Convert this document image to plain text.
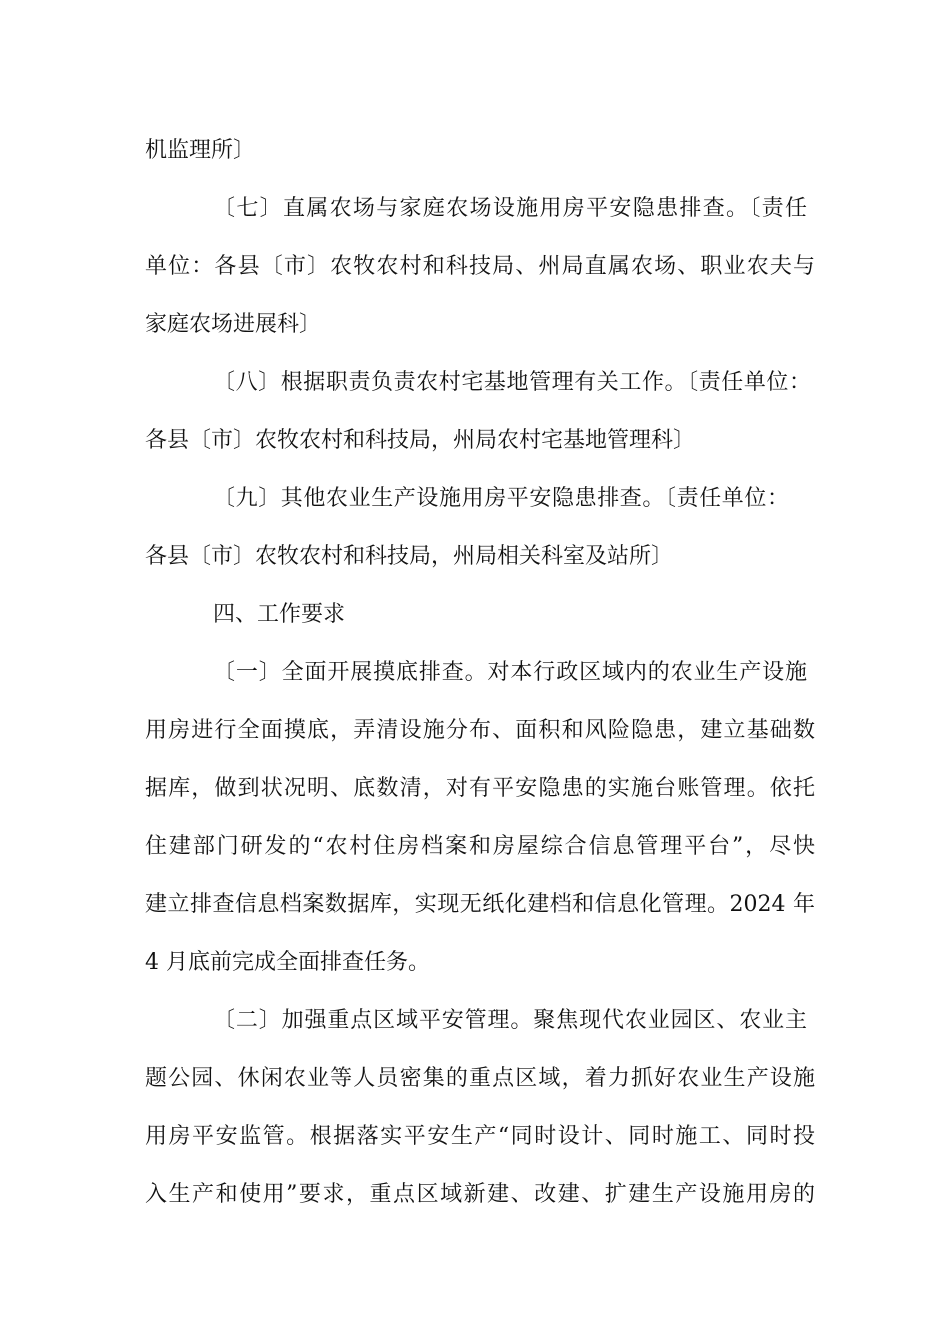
机监理所〕
〔七〕直属农场与家庭农场设施用房平安隐患排查。〔责任
单位：各县〔市〕农牧农村和科技局、州局直属农场、职业农夫与
家庭农场进展科〕
〔八〕根据职责负责农村宅基地管理有关工作。〔责任单位：
各县〔市〕农牧农村和科技局，州局农村宅基地管理科〕
〔九〕其他农业生产设施用房平安隐患排查。〔责任单位：
各县〔市〕农牧农村和科技局，州局相关科室及站所〕
四、工作要求
〔一〕全面开展摸底排查。对本行政区域内的农业生产设施
用房进行全面摸底，弄清设施分布、面积和风险隐患，建立基础数
据库，做到状况明、底数清，对有平安隐患的实施台账管理。依托
住建部门研发的“农村住房档案和房屋综合信息管理平台”，尽快
建立排查信息档案数据库，实现无纸化建档和信息化管理。2024 年
4 月底前完成全面排查任务。
〔二〕加强重点区域平安管理。聚焦现代农业园区、农业主
题公园、休闲农业等人员密集的重点区域，着力抓好农业生产设施
用房平安监管。根据落实平安生产“同时设计、同时施工、同时投
入生产和使用”要求，重点区域新建、改建、扩建生产设施用房的
